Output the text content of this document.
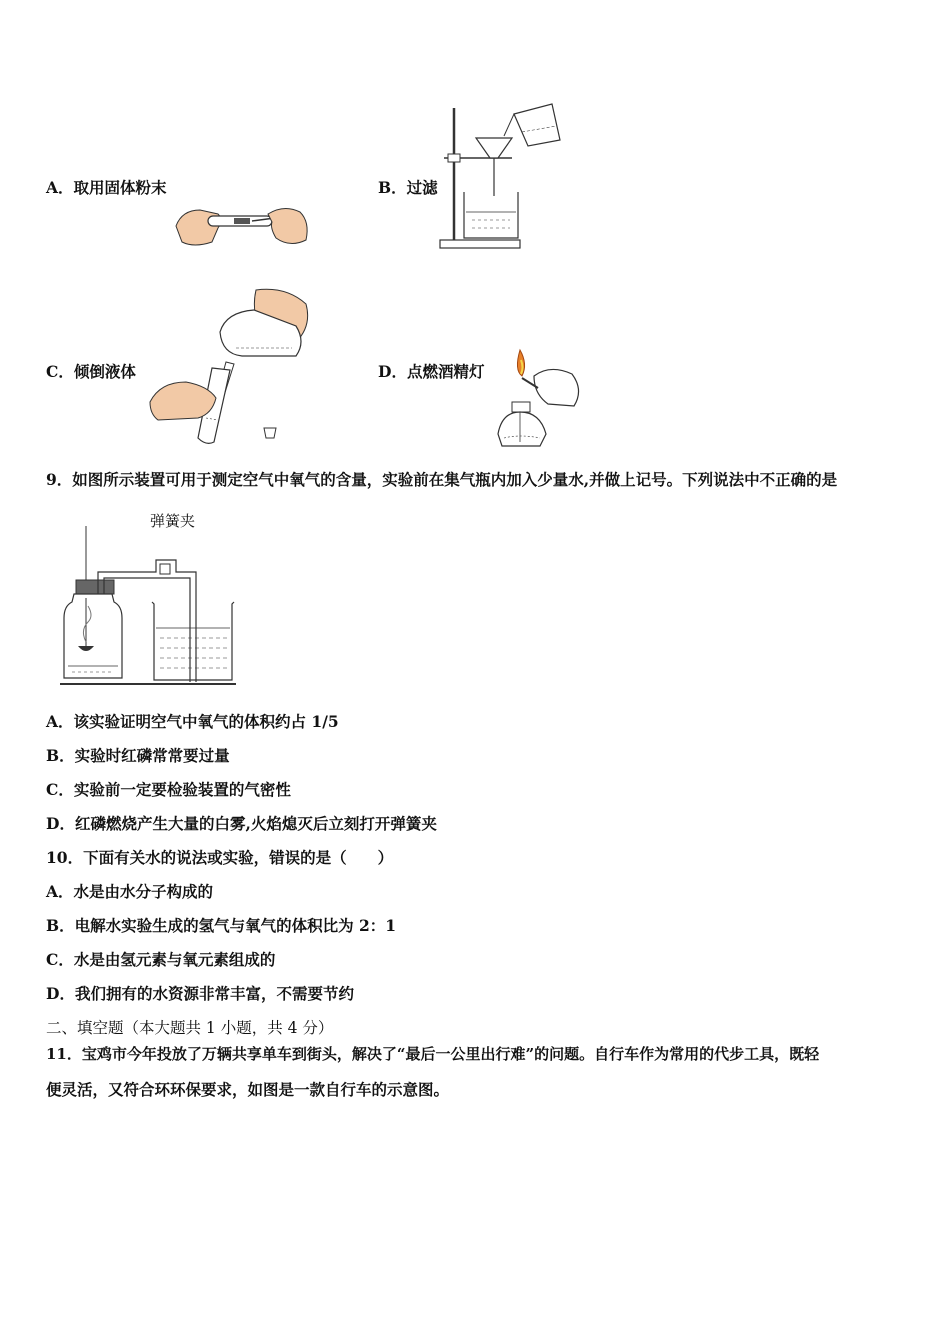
A．取用固体粉末	B．过滤
C．倾倒液体	D．点燃酒精灯
9．如图所示装置可用于测定空气中氧气的含量，实验前在集气瓶内加入少量水,并做上记号。下列说法中不正确的是
弹簧夹
A．该实验证明空气中氧气的体积约占 1/5
B．实验时红磷常常要过量
C．实验前一定要检验装置的气密性
D．红磷燃烧产生大量的白雾,火焰熄灭后立刻打开弹簧夹
10．下面有关水的说法或实验，错误的是（　　）
A．水是由水分子构成的
B．电解水实验生成的氢气与氧气的体积比为 2：1
C．水是由氢元素与氧元素组成的
D．我们拥有的水资源非常丰富，不需要节约
二、填空题（本大题共 1 小题，共 4 分）
11．宝鸡市今年投放了万辆共享单车到街头，解决了“最后一公里出行难”的问题。自行车作为常用的代步工具，既轻
便灵活，又符合环环保要求，如图是一款自行车的示意图。
